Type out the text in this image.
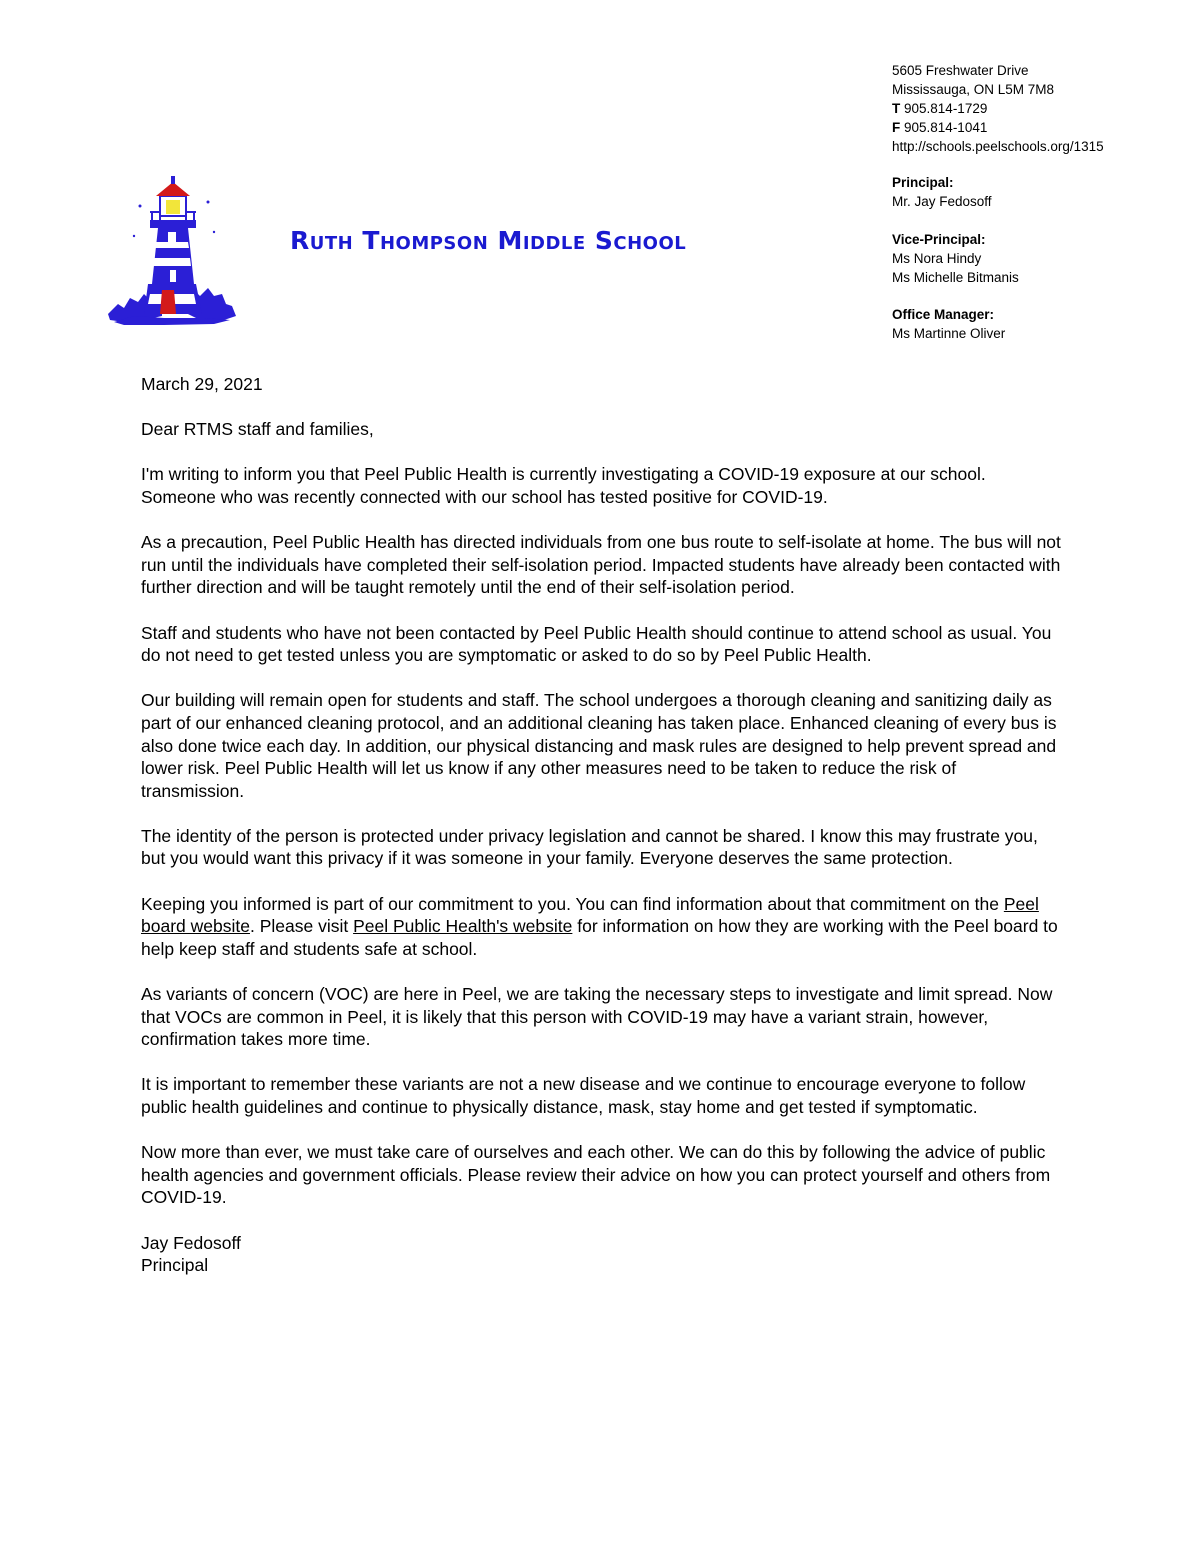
Ruth Thompson Middle School
5605 Freshwater Drive
Mississauga, ON L5M 7M8
T 905.814-1729
F 905.814-1041
http://schools.peelschools.org/1315
Principal:
Mr. Jay Fedosoff
Vice-Principal:
Ms Nora Hindy
Ms Michelle Bitmanis
Office Manager:
Ms Martinne Oliver

March 29, 2021

Dear RTMS staff and families,

I'm writing to inform you that Peel Public Health is currently investigating a COVID-19 exposure at our school. Someone who was recently connected with our school has tested positive for COVID-19.

As a precaution, Peel Public Health has directed individuals from one bus route to self-isolate at home. The bus will not run until the individuals have completed their self-isolation period. Impacted students have already been contacted with further direction and will be taught remotely until the end of their self-isolation period.

Staff and students who have not been contacted by Peel Public Health should continue to attend school as usual. You do not need to get tested unless you are symptomatic or asked to do so by Peel Public Health.

Our building will remain open for students and staff. The school undergoes a thorough cleaning and sanitizing daily as part of our enhanced cleaning protocol, and an additional cleaning has taken place. Enhanced cleaning of every bus is also done twice each day. In addition, our physical distancing and mask rules are designed to help prevent spread and lower risk. Peel Public Health will let us know if any other measures need to be taken to reduce the risk of transmission.

The identity of the person is protected under privacy legislation and cannot be shared. I know this may frustrate you, but you would want this privacy if it was someone in your family. Everyone deserves the same protection.

Keeping you informed is part of our commitment to you. You can find information about that commitment on the Peel board website. Please visit Peel Public Health's website for information on how they are working with the Peel board to help keep staff and students safe at school.

As variants of concern (VOC) are here in Peel, we are taking the necessary steps to investigate and limit spread. Now that VOCs are common in Peel, it is likely that this person with COVID-19 may have a variant strain, however, confirmation takes more time.

It is important to remember these variants are not a new disease and we continue to encourage everyone to follow public health guidelines and continue to physically distance, mask, stay home and get tested if symptomatic.

Now more than ever, we must take care of ourselves and each other. We can do this by following the advice of public health agencies and government officials. Please review their advice on how you can protect yourself and others from COVID-19.

Jay Fedosoff
Principal
